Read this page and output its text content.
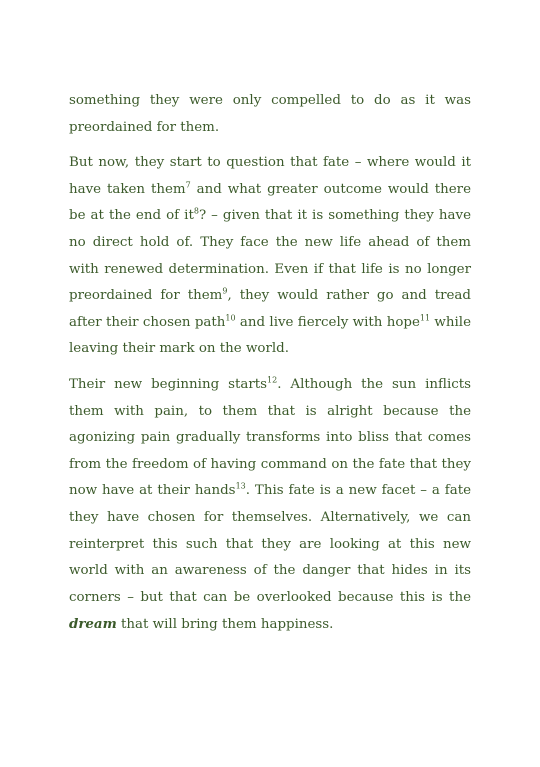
something they were only compelled to do as it was preordained for them.

But now, they start to question that fate – where would it have taken them$^7$ and what greater outcome would there be at the end of $it^8$? – given that it is something they have no direct hold of. They face the new life ahead of them with renewed determination. Even if that life is no longer preordained for them$^9$, they would rather go and tread after their chosen path$^{10}$ and live fiercely with hope$^{11}$ while leaving their mark on the world.

Their new beginning starts$^{12}$. Although the sun inflicts them with pain, to them that is alright because the agonizing pain gradually transforms into bliss that comes from the freedom of having command on the fate that they now have at their hands$^{13}$. This fate is a new facet – a fate they have chosen for themselves. Alternatively, we can reinterpret this such that they are looking at this new world with an awareness of the danger that hides in its corners – but that can be overlooked because this is the dream that will bring them happiness.
